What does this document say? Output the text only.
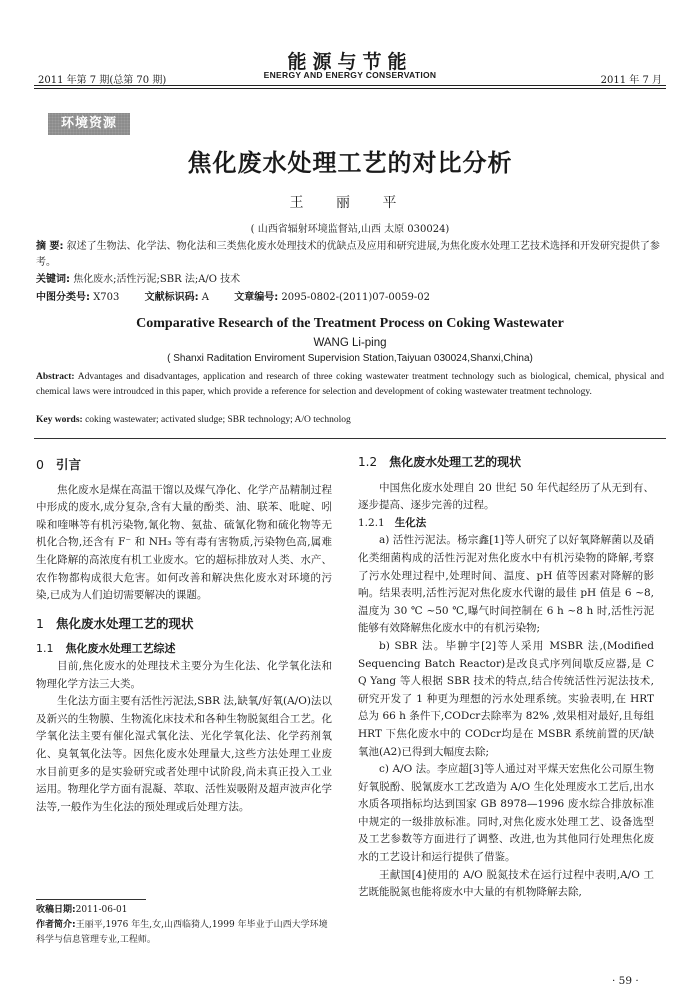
2011 年第 7 期(总第 70 期)
能源与节能
ENERGY AND ENERGY CONSERVATION	2011 年 7 月
环境资源
焦化废水处理工艺的对比分析
王 丽 平
( 山西省辐射环境监督站,山西 太原 030024)
摘 要: 叙述了生物法、化学法、物化法和三类焦化废水处理技术的优缺点及应用和研究进展,为焦化废水处理工艺技术选择和开发研究提供了参考。
关键词: 焦化废水;活性污泥;SBR 法;A/O 技术
中图分类号: X703	文献标识码: A	文章编号: 2095-0802-(2011)07-0059-02
Comparative Research of the Treatment Process on Coking Wastewater
WANG Li-ping
( Shanxi Raditation Enviroment Supervision Station,Taiyuan 030024,Shanxi,China)
Abstract: Advantages and disadvantages, application and research of three coking wastewater treatment technology such as biological, chemical, physical and chemical laws were introudced in this paper, which provide a reference for selection and development of coking wastewater treatment technology.
Key words: coking wastewater; activated sludge; SBR technology; A/O technolog
0 引言

焦化废水是煤在高温干馏以及煤气净化、化学产品精制过程中形成的废水,成分复杂,含有大量的酚类、油、联苯、吡啶、吲哚和喹啉等有机污染物,氰化物、氨盐、硫氰化物和硫化物等无机化合物,还含有 F⁻ 和 NH₃ 等有毒有害物质,污染物色高,属难生化降解的高浓度有机工业废水。它的超标排放对人类、水产、农作物都构成很大危害。如何改善和解决焦化废水对环境的污染,已成为人们迫切需要解决的课题。

1 焦化废水处理工艺的现状
1.1 焦化废水处理工艺综述

目前,焦化废水的处理技术主要分为生化法、化学氧化法和物理化学方法三大类。

生化法方面主要有活性污泥法,SBR 法,缺氧/好氧(A/O)法以及新兴的生物膜、生物流化床技术和各种生物脱氮组合工艺。化学氧化法主要有催化湿式氧化法、光化学氧化法、化学药剂氧化、臭氧氧化法等。因焦化废水处理量大,这些方法处理工业废水目前更多的是实验研究或者处理中试阶段,尚未真正投入工业运用。物理化学方面有混凝、萃取、活性炭吸附及超声波声化学法等,一般作为生化法的预处理或后处理方法。

收稿日期:2011-06-01
作者简介:王丽平,1976 年生,女,山西临猗人,1999 年毕业于山西大学环境科学与信息管理专业,工程师。
1.2 焦化废水处理工艺的现状

中国焦化废水处理自 20 世纪 50 年代起经历了从无到有、逐步提高、逐步完善的过程。

1.2.1 生化法

a) 活性污泥法。杨宗鑫[1]等人研究了以好氧降解菌以及硝化类细菌构成的活性污泥对焦化废水中有机污染物的降解,考察了污水处理过程中,处理时间、温度、pH 值等因素对降解的影响。结果表明,活性污泥对焦化废水代谢的最佳 pH 值是 6 ~8,温度为 30 ℃ ~50 ℃,曝气时间控制在 6 h ~8 h 时,活性污泥能够有效降解焦化废水中的有机污染物;

b) SBR 法。毕翀宇[2]等人采用 MSBR 法,(Modified Sequencing Batch Reactor)是改良式序列间歇反应器,是 C Q Yang 等人根据 SBR 技术的特点,结合传统活性污泥法技术,研究开发了 1 种更为理想的污水处理系统。实验表明,在 HRT 总为 66 h 条件下,CODcr去除率为 82% ,效果相对最好,且每组 HRT 下焦化废水中的 CODcr均是在 MSBR 系统前置的厌/缺氧池(A2)已得到大幅度去除;

c) A/O 法。李应超[3]等人通过对平煤天宏焦化公司原生物好氧脱酚、脱氰废水工艺改造为 A/O 生化处理废水工艺后,出水水质各项指标均达到国家 GB 8978—1996 废水综合排放标准 中规定的一级排放标准。同时,对焦化废水处理工艺、设备选型及工艺参数等方面进行了调整、改进,也为其他同行处理焦化废水的工艺设计和运行提供了借鉴。

王献国[4]使用的 A/O 脱氮技术在运行过程中表明,A/O 工艺既能脱氮也能将废水中大量的有机物降解去除,

· 59 ·
